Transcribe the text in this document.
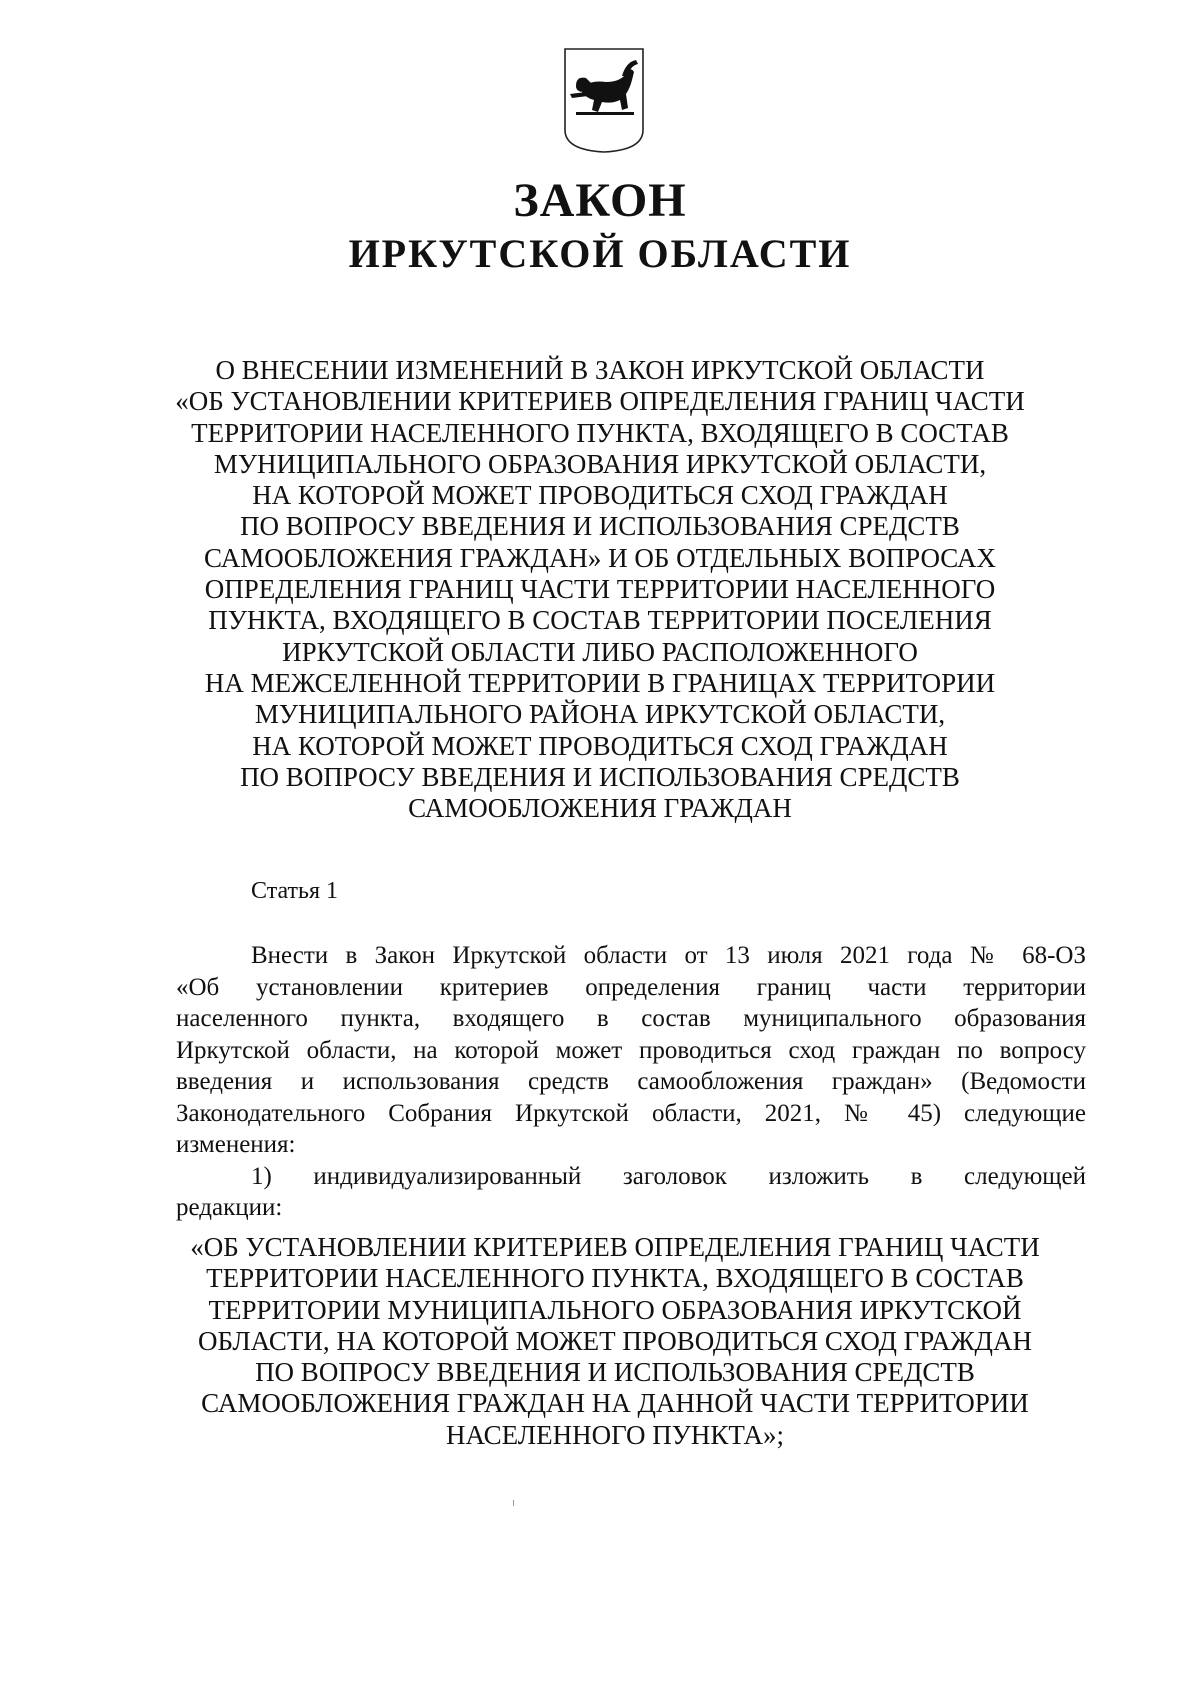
ЗАКОН
ИРКУТСКОЙ ОБЛАСТИ
О ВНЕСЕНИИ ИЗМЕНЕНИЙ В ЗАКОН ИРКУТСКОЙ ОБЛАСТИ
«ОБ УСТАНОВЛЕНИИ КРИТЕРИЕВ ОПРЕДЕЛЕНИЯ ГРАНИЦ ЧАСТИ
ТЕРРИТОРИИ НАСЕЛЕННОГО ПУНКТА, ВХОДЯЩЕГО В СОСТАВ
МУНИЦИПАЛЬНОГО ОБРАЗОВАНИЯ ИРКУТСКОЙ ОБЛАСТИ,
НА КОТОРОЙ МОЖЕТ ПРОВОДИТЬСЯ СХОД ГРАЖДАН
ПО ВОПРОСУ ВВЕДЕНИЯ И ИСПОЛЬЗОВАНИЯ СРЕДСТВ
САМООБЛОЖЕНИЯ ГРАЖДАН» И ОБ ОТДЕЛЬНЫХ ВОПРОСАХ
ОПРЕДЕЛЕНИЯ ГРАНИЦ ЧАСТИ ТЕРРИТОРИИ НАСЕЛЕННОГО
ПУНКТА, ВХОДЯЩЕГО В СОСТАВ ТЕРРИТОРИИ ПОСЕЛЕНИЯ
ИРКУТСКОЙ ОБЛАСТИ ЛИБО РАСПОЛОЖЕННОГО
НА МЕЖСЕЛЕННОЙ ТЕРРИТОРИИ В ГРАНИЦАХ ТЕРРИТОРИИ
МУНИЦИПАЛЬНОГО РАЙОНА ИРКУТСКОЙ ОБЛАСТИ,
НА КОТОРОЙ МОЖЕТ ПРОВОДИТЬСЯ СХОД ГРАЖДАН
ПО ВОПРОСУ ВВЕДЕНИЯ И ИСПОЛЬЗОВАНИЯ СРЕДСТВ
САМООБЛОЖЕНИЯ ГРАЖДАН
Статья 1
Внести в Закон Иркутской области от 13 июля 2021 года № 68-ОЗ
«Об установлении критериев определения границ части территории
населенного пункта, входящего в состав муниципального образования
Иркутской области, на которой может проводиться сход граждан по вопросу
введения и использования средств самообложения граждан» (Ведомости
Законодательного Собрания Иркутской области, 2021, № 45) следующие
изменения:
1) индивидуализированный заголовок изложить в следующей
редакции:
«ОБ УСТАНОВЛЕНИИ КРИТЕРИЕВ ОПРЕДЕЛЕНИЯ ГРАНИЦ ЧАСТИ
ТЕРРИТОРИИ НАСЕЛЕННОГО ПУНКТА, ВХОДЯЩЕГО В СОСТАВ
ТЕРРИТОРИИ МУНИЦИПАЛЬНОГО ОБРАЗОВАНИЯ ИРКУТСКОЙ
ОБЛАСТИ, НА КОТОРОЙ МОЖЕТ ПРОВОДИТЬСЯ СХОД ГРАЖДАН
ПО ВОПРОСУ ВВЕДЕНИЯ И ИСПОЛЬЗОВАНИЯ СРЕДСТВ
САМООБЛОЖЕНИЯ ГРАЖДАН НА ДАННОЙ ЧАСТИ ТЕРРИТОРИИ
НАСЕЛЕННОГО ПУНКТА»;
